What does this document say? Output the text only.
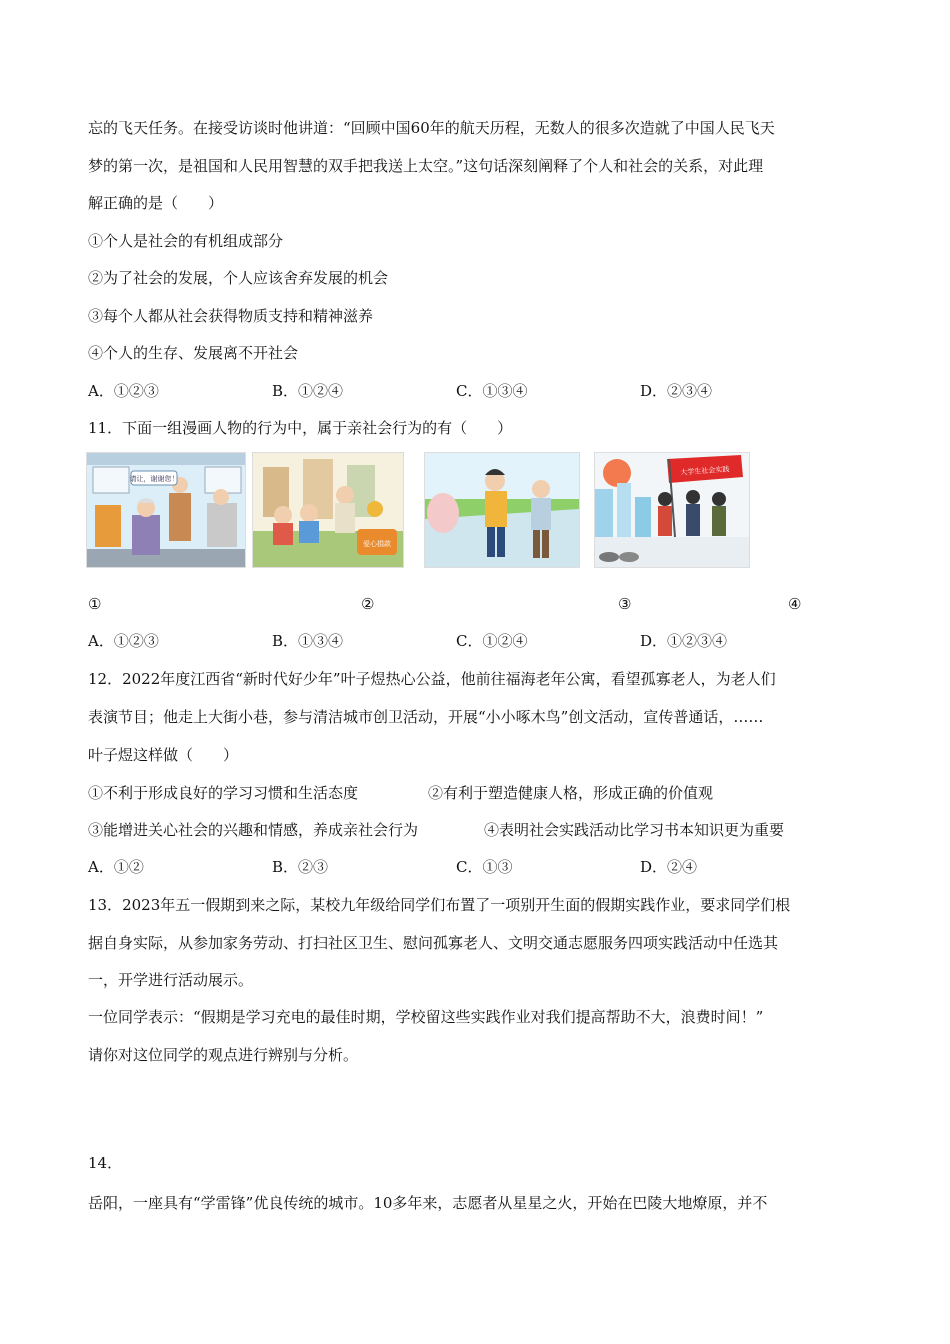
忘的飞天任务。在接受访谈时他讲道：“回顾中国60年的航天历程，无数人的很多次造就了中国人民飞天
梦的第一次，是祖国和人民用智慧的双手把我送上太空。”这句话深刻阐释了个人和社会的关系，对此理
解正确的是（　　）
①个人是社会的有机组成部分
②为了社会的发展，个人应该舍弃发展的机会
③每个人都从社会获得物质支持和精神滋养
④个人的生存、发展离不开社会
A．①②③	B．①②④	C．①③④	D．②③④
11．下面一组漫画人物的行为中，属于亲社会行为的有（　　）
请让，谢谢您！
爱心捐款
大学生社会实践
①	②	③	④
A．①②③	B．①③④	C．①②④	D．①②③④
12．2022年度江西省“新时代好少年”叶子煜热心公益，他前往福海老年公寓，看望孤寡老人，为老人们
表演节目；他走上大街小巷，参与清洁城市创卫活动，开展“小小啄木鸟”创文活动，宣传普通话，……
叶子煜这样做（　　）
①不利于形成良好的学习习惯和生活态度	②有利于塑造健康人格，形成正确的价值观
③能增进关心社会的兴趣和情感，养成亲社会行为	④表明社会实践活动比学习书本知识更为重要
A．①②	B．②③	C．①③	D．②④
13．2023年五一假期到来之际，某校九年级给同学们布置了一项别开生面的假期实践作业，要求同学们根
据自身实际，从参加家务劳动、打扫社区卫生、慰问孤寡老人、文明交通志愿服务四项实践活动中任选其
一，开学进行活动展示。
一位同学表示：“假期是学习充电的最佳时期，学校留这些实践作业对我们提高帮助不大，浪费时间！”
请你对这位同学的观点进行辨别与分析。
14．
岳阳，一座具有“学雷锋”优良传统的城市。10多年来，志愿者从星星之火，开始在巴陵大地燎原，并不
